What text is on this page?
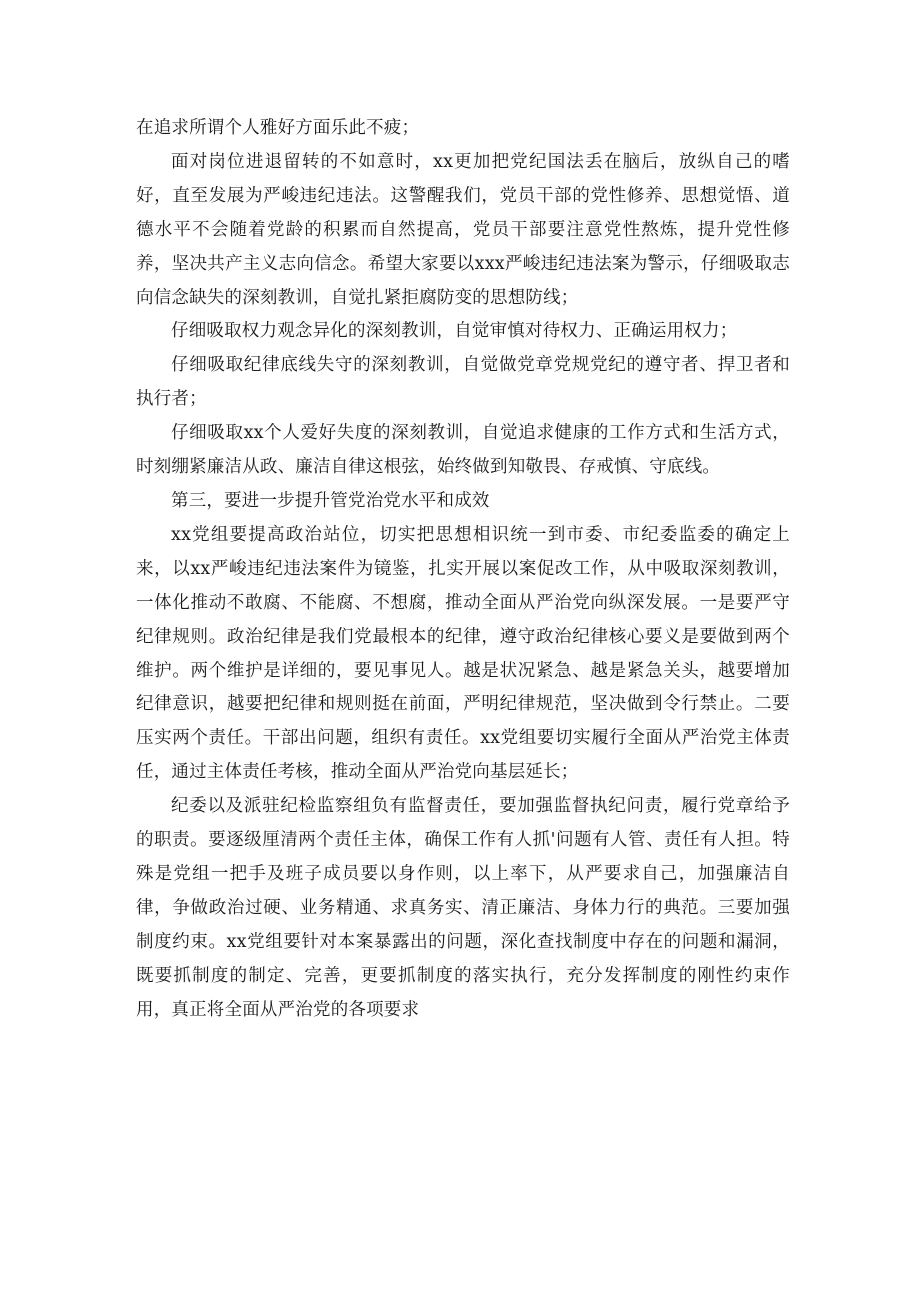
在追求所谓个人雅好方面乐此不疲；

面对岗位进退留转的不如意时，xx更加把党纪国法丢在脑后，放纵自己的嗜好，直至发展为严峻违纪违法。这警醒我们，党员干部的党性修养、思想觉悟、道德水平不会随着党龄的积累而自然提高，党员干部要注意党性熬炼，提升党性修养，坚决共产主义志向信念。希望大家要以xxx严峻违纪违法案为警示，仔细吸取志向信念缺失的深刻教训，自觉扎紧拒腐防变的思想防线；

仔细吸取权力观念异化的深刻教训，自觉审慎对待权力、正确运用权力；

仔细吸取纪律底线失守的深刻教训，自觉做党章党规党纪的遵守者、捍卫者和执行者；

仔细吸取xx个人爱好失度的深刻教训，自觉追求健康的工作方式和生活方式，时刻绷紧廉洁从政、廉洁自律这根弦，始终做到知敬畏、存戒慎、守底线。

第三，要进一步提升管党治党水平和成效

xx党组要提高政治站位，切实把思想相识统一到市委、市纪委监委的确定上来，以xx严峻违纪违法案件为镜鉴，扎实开展以案促改工作，从中吸取深刻教训，一体化推动不敢腐、不能腐、不想腐，推动全面从严治党向纵深发展。一是要严守纪律规则。政治纪律是我们党最根本的纪律，遵守政治纪律核心要义是要做到两个维护。两个维护是详细的，要见事见人。越是状况紧急、越是紧急关头，越要增加纪律意识，越要把纪律和规则挺在前面，严明纪律规范，坚决做到令行禁止。二要压实两个责任。干部出问题，组织有责任。xx党组要切实履行全面从严治党主体责任，通过主体责任考核，推动全面从严治党向基层延长；

纪委以及派驻纪检监察组负有监督责任，要加强监督执纪问责，履行党章给予的职责。要逐级厘清两个责任主体，确保工作有人抓'问题有人管、责任有人担。特殊是党组一把手及班子成员要以身作则，以上率下，从严要求自己，加强廉洁自律，争做政治过硬、业务精通、求真务实、清正廉洁、身体力行的典范。三要加强制度约束。xx党组要针对本案暴露出的问题，深化查找制度中存在的问题和漏洞，既要抓制度的制定、完善，更要抓制度的落实执行，充分发挥制度的刚性约束作用，真正将全面从严治党的各项要求
